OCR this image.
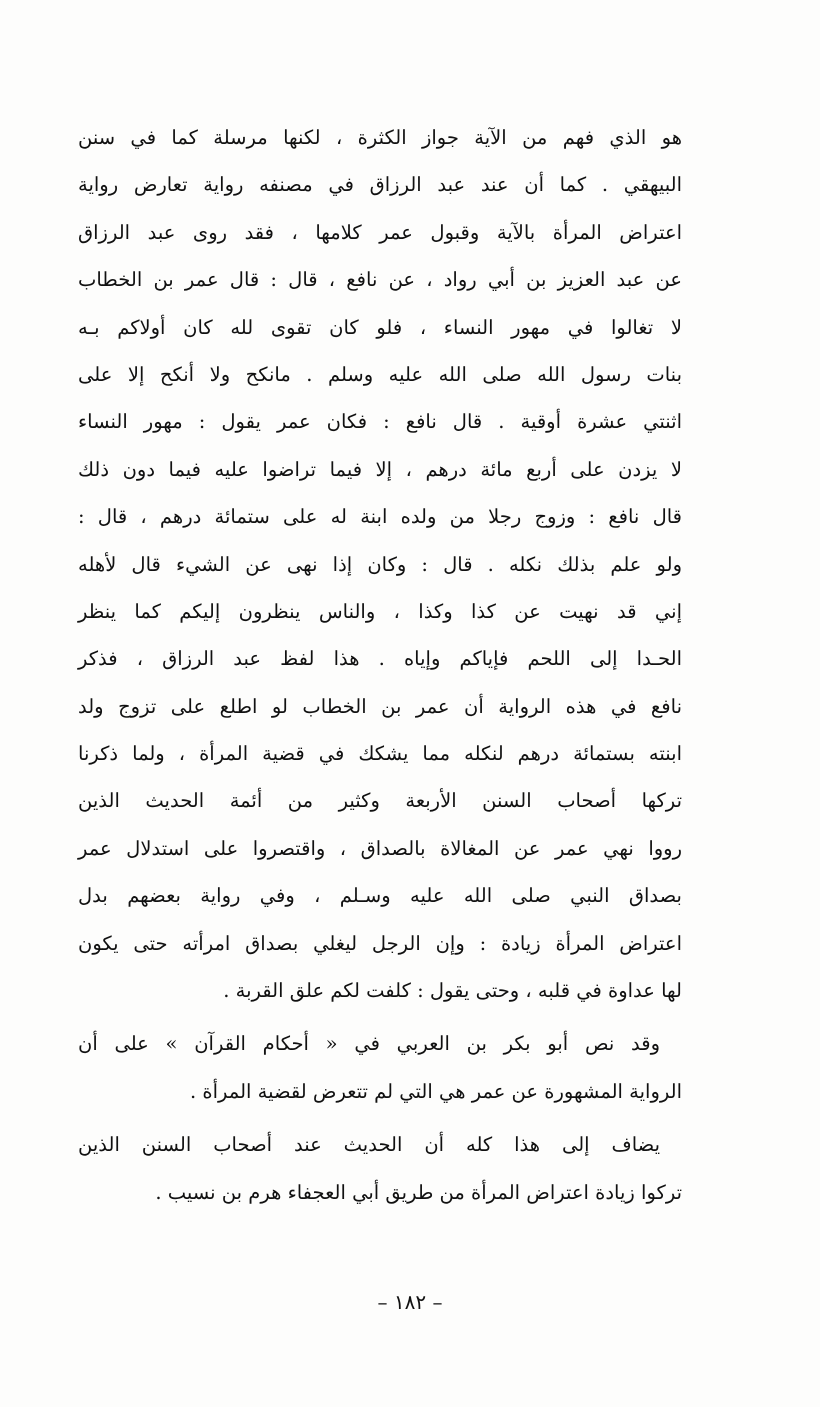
هو الذي فهم من الآية جواز الكثرة ، لكنها مرسلة كما في سنن
البيهقي . كما أن عند عبد الرزاق في مصنفه رواية تعارض رواية
اعتراض المرأة بالآية وقبول عمر كلامها ، فقد روى عبد الرزاق
عن عبد العزيز بن أبي رواد ، عن نافع ، قال : قال عمر بن الخطاب
لا تغالوا في مهور النساء ، فلو كان تقوى لله كان أولاكم بـه
بنات رسول الله صلى الله عليه وسلم . مانكح ولا أنكح إلا على
اثنتي عشرة أوقية . قال نافع : فكان عمر يقول : مهور النساء
لا يزدن على أربع مائة درهم ، إلا فيما تراضوا عليه فيما دون ذلك
قال نافع : وزوج رجلا من ولده ابنة له على ستمائة درهم ، قال :
ولو علم بذلك نكله . قال : وكان إذا نهى عن الشيء قال لأهله
إني قد نهيت عن كذا وكذا ، والناس ينظرون إليكم كما ينظر
الحـدا إلى اللحم فإياكم وإياه . هذا لفظ عبد الرزاق ، فذكر
نافع في هذه الرواية أن عمر بن الخطاب لو اطلع على تزوج ولد
ابنته بستمائة درهم لنكله مما يشكك في قضية المرأة ، ولما ذكرنا
تركها أصحاب السنن الأربعة وكثير من أئمة الحديث الذين
رووا نهي عمر عن المغالاة بالصداق ، واقتصروا على استدلال عمر
بصداق النبي صلى الله عليه وسـلم ، وفي رواية بعضهم بدل
اعتراض المرأة زيادة : وإن الرجل ليغلي بصداق امرأته حتى يكون
لها عداوة في قلبه ، وحتى يقول : كلفت لكم علق القربة .
وقد نص أبو بكر بن العربي في « أحكام القرآن » على أن
الرواية المشهورة عن عمر هي التي لم تتعرض لقضية المرأة .
يضاف إلى هذا كله أن الحديث عند أصحاب السنن الذين
تركوا زيادة اعتراض المرأة من طريق أبي العجفاء هرم بن نسيب .
– ١٨٢ –
